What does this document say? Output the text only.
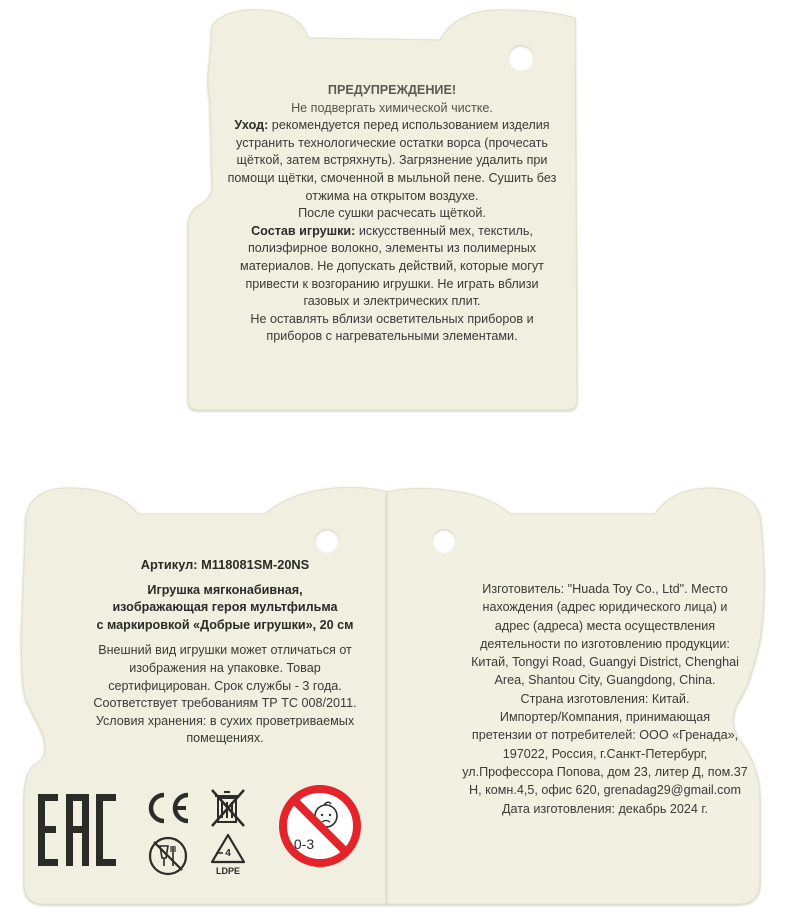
ПРЕДУПРЕЖДЕНИЕ!
Не подвергать химической чистке.
Уход: рекомендуется перед использованием изделия
устранить технологические остатки ворса (прочесать
щёткой, затем встряхнуть). Загрязнение удалить при
помощи щётки, смоченной в мыльной пене. Сушить без
отжима на открытом воздухе.
После сушки расчесать щёткой.
Состав игрушки: искусственный мех, текстиль,
полиэфирное волокно, элементы из полимерных
материалов. Не допускать действий, которые могут
привести к возгоранию игрушки. Не играть вблизи
газовых и электрических плит.
Не оставлять вблизи осветительных приборов и
приборов с нагревательными элементами.
Артикул: M118081SM-20NS
Игрушка мягконабивная,
изображающая героя мультфильма
с маркировкой «Добрые игрушки», 20 см
Внешний вид игрушки может отличаться от
изображения на упаковке. Товар
сертифицирован. Срок службы - 3 года.
Соответствует требованиям ТР ТС 008/2011.
Условия хранения: в сухих проветриваемых
помещениях.
4
LDPE
0-3
Изготовитель: "Huada Toy Co., Ltd". Место
нахождения (адрес юридического лица) и
адрес (адреса) места осуществления
деятельности по изготовлению продукции:
Китай, Tongyi Road, Guangyi District, Chenghai
Area, Shantou City, Guangdong, China.
Страна изготовления: Китай.
Импортер/Компания, принимающая
претензии от потребителей: ООО «Гренада»,
197022, Россия, г.Санкт-Петербург,
ул.Профессора Попова, дом 23, литер Д, пом.37
Н, комн.4,5, офис 620, grenadag29@gmail.com
Дата изготовления: декабрь 2024 г.
